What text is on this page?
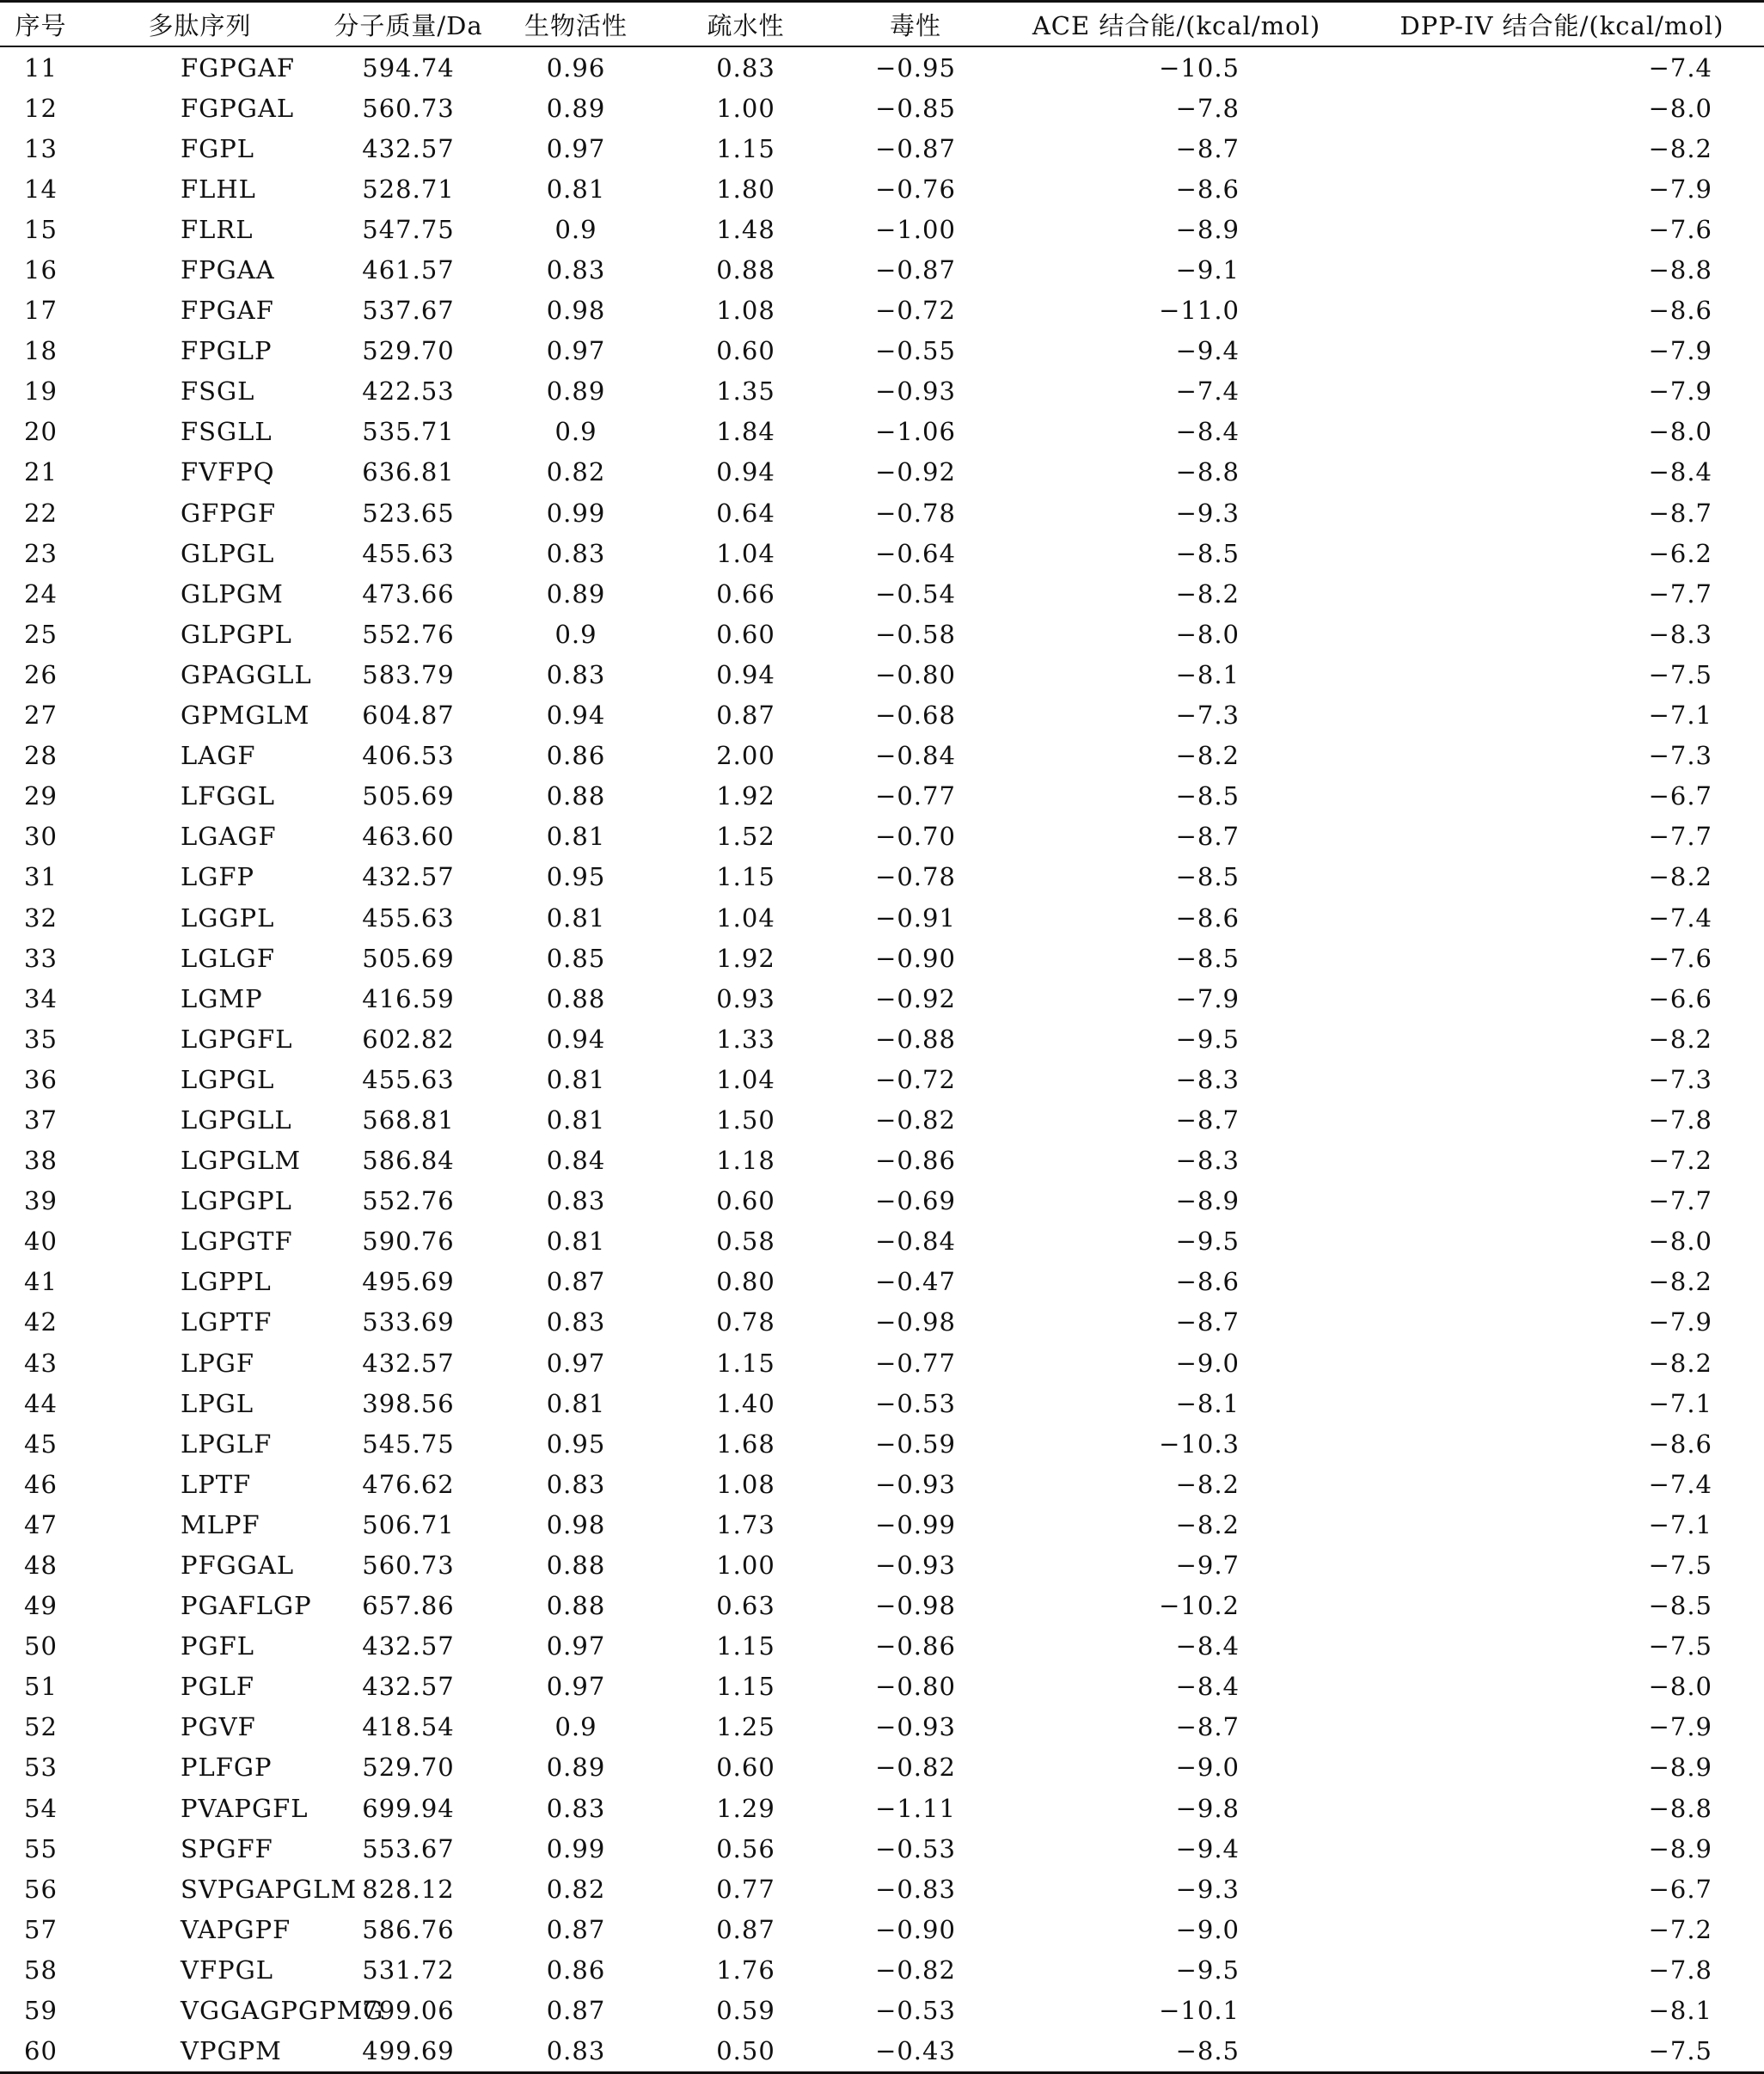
序号	多肽序列	分子质量/Da	生物活性	疏水性	毒性	ACE 结合能/(kcal/mol)	DPP-IV 结合能/(kcal/mol)
11	FGPGAF	594.74	0.96	0.83	−0.95	−10.5	−7.4
12	FGPGAL	560.73	0.89	1.00	−0.85	−7.8	−8.0
13	FGPL	432.57	0.97	1.15	−0.87	−8.7	−8.2
14	FLHL	528.71	0.81	1.80	−0.76	−8.6	−7.9
15	FLRL	547.75	0.9	1.48	−1.00	−8.9	−7.6
16	FPGAA	461.57	0.83	0.88	−0.87	−9.1	−8.8
17	FPGAF	537.67	0.98	1.08	−0.72	−11.0	−8.6
18	FPGLP	529.70	0.97	0.60	−0.55	−9.4	−7.9
19	FSGL	422.53	0.89	1.35	−0.93	−7.4	−7.9
20	FSGLL	535.71	0.9	1.84	−1.06	−8.4	−8.0
21	FVFPQ	636.81	0.82	0.94	−0.92	−8.8	−8.4
22	GFPGF	523.65	0.99	0.64	−0.78	−9.3	−8.7
23	GLPGL	455.63	0.83	1.04	−0.64	−8.5	−6.2
24	GLPGM	473.66	0.89	0.66	−0.54	−8.2	−7.7
25	GLPGPL	552.76	0.9	0.60	−0.58	−8.0	−8.3
26	GPAGGLL	583.79	0.83	0.94	−0.80	−8.1	−7.5
27	GPMGLM	604.87	0.94	0.87	−0.68	−7.3	−7.1
28	LAGF	406.53	0.86	2.00	−0.84	−8.2	−7.3
29	LFGGL	505.69	0.88	1.92	−0.77	−8.5	−6.7
30	LGAGF	463.60	0.81	1.52	−0.70	−8.7	−7.7
31	LGFP	432.57	0.95	1.15	−0.78	−8.5	−8.2
32	LGGPL	455.63	0.81	1.04	−0.91	−8.6	−7.4
33	LGLGF	505.69	0.85	1.92	−0.90	−8.5	−7.6
34	LGMP	416.59	0.88	0.93	−0.92	−7.9	−6.6
35	LGPGFL	602.82	0.94	1.33	−0.88	−9.5	−8.2
36	LGPGL	455.63	0.81	1.04	−0.72	−8.3	−7.3
37	LGPGLL	568.81	0.81	1.50	−0.82	−8.7	−7.8
38	LGPGLM	586.84	0.84	1.18	−0.86	−8.3	−7.2
39	LGPGPL	552.76	0.83	0.60	−0.69	−8.9	−7.7
40	LGPGTF	590.76	0.81	0.58	−0.84	−9.5	−8.0
41	LGPPL	495.69	0.87	0.80	−0.47	−8.6	−8.2
42	LGPTF	533.69	0.83	0.78	−0.98	−8.7	−7.9
43	LPGF	432.57	0.97	1.15	−0.77	−9.0	−8.2
44	LPGL	398.56	0.81	1.40	−0.53	−8.1	−7.1
45	LPGLF	545.75	0.95	1.68	−0.59	−10.3	−8.6
46	LPTF	476.62	0.83	1.08	−0.93	−8.2	−7.4
47	MLPF	506.71	0.98	1.73	−0.99	−8.2	−7.1
48	PFGGAL	560.73	0.88	1.00	−0.93	−9.7	−7.5
49	PGAFLGP	657.86	0.88	0.63	−0.98	−10.2	−8.5
50	PGFL	432.57	0.97	1.15	−0.86	−8.4	−7.5
51	PGLF	432.57	0.97	1.15	−0.80	−8.4	−8.0
52	PGVF	418.54	0.9	1.25	−0.93	−8.7	−7.9
53	PLFGP	529.70	0.89	0.60	−0.82	−9.0	−8.9
54	PVAPGFL	699.94	0.83	1.29	−1.11	−9.8	−8.8
55	SPGFF	553.67	0.99	0.56	−0.53	−9.4	−8.9
56	SVPGAPGLM	828.12	0.82	0.77	−0.83	−9.3	−6.7
57	VAPGPF	586.76	0.87	0.87	−0.90	−9.0	−7.2
58	VFPGL	531.72	0.86	1.76	−0.82	−9.5	−7.8
59	VGGAGPGPMG	799.06	0.87	0.59	−0.53	−10.1	−8.1
60	VPGPM	499.69	0.83	0.50	−0.43	−8.5	−7.5
